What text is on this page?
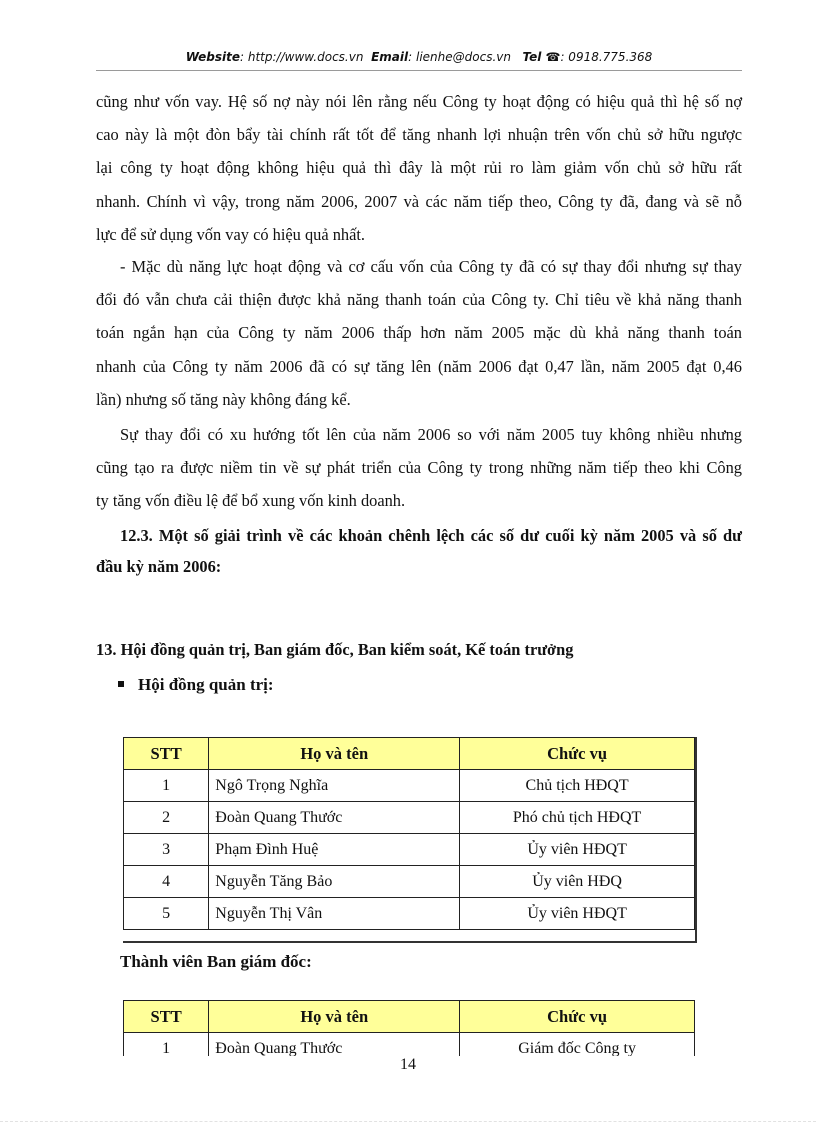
Website: http://www.docs.vn Email: lienhe@docs.vn Tel ☎: 0918.775.368
cũng như vốn vay. Hệ số nợ này nói lên rằng nếu Công ty hoạt động có hiệu quả thì hệ số nợ
cao này là một đòn bẩy tài chính rất tốt để tăng nhanh lợi nhuận trên vốn chủ sở hữu ngược
lại công ty hoạt động không hiệu quả thì đây là một rủi ro làm giảm vốn chủ sở hữu rất
nhanh. Chính vì vậy, trong năm 2006, 2007 và các năm tiếp theo, Công ty đã, đang và sẽ nỗ
lực để sử dụng vốn vay có hiệu quả nhất.
- Mặc dù năng lực hoạt động và cơ cấu vốn của Công ty đã có sự thay đổi nhưng sự thay
đổi đó vẫn chưa cải thiện được khả năng thanh toán của Công ty. Chỉ tiêu về khả năng thanh
toán ngắn hạn của Công ty năm 2006 thấp hơn năm 2005 mặc dù khả năng thanh toán
nhanh của Công ty năm 2006 đã có sự tăng lên (năm 2006 đạt 0,47 lần, năm 2005 đạt 0,46
lần) nhưng số tăng này không đáng kể.
Sự thay đổi có xu hướng tốt lên của năm 2006 so với năm 2005 tuy không nhiều nhưng
cũng tạo ra được niềm tin về sự phát triển của Công ty trong những năm tiếp theo khi Công
ty tăng vốn điều lệ để bổ xung vốn kinh doanh.
12.3. Một số giải trình về các khoản chênh lệch các số dư cuối kỳ năm 2005 và số dư
đầu kỳ năm 2006:
13. Hội đồng quản trị, Ban giám đốc, Ban kiểm soát, Kế toán trưởng
Hội đồng quản trị:
STT	Họ và tên	Chức vụ
1	Ngô Trọng Nghĩa	Chủ tịch HĐQT
2	Đoàn Quang Thước	Phó chủ tịch HĐQT
3	Phạm Đình Huệ	Ủy viên HĐQT
4	Nguyễn Tăng Bảo	Ủy viên HĐQ
5	Nguyễn Thị Vân	Ủy viên HĐQT
Thành viên Ban giám đốc:
STT	Họ và tên	Chức vụ
1	Đoàn Quang Thước	Giám đốc Công ty
14
